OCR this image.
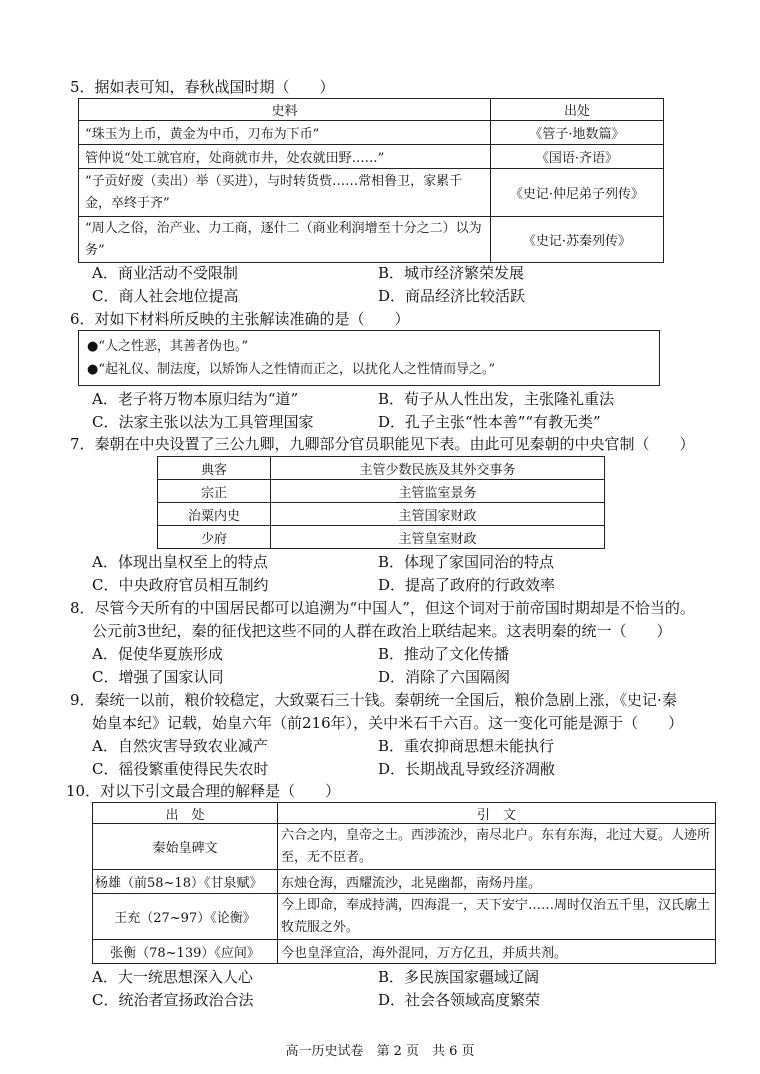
5．据如表可知，春秋战国时期（　　）
史料	出处
“珠玉为上币，黄金为中币，刀布为下币”	《管子·地数篇》
管仲说“处工就官府，处商就市井，处农就田野……”	《国语·齐语》
“子贡好废（卖出）举（买进），与时转货赀……常相鲁卫，家累千金，卒终于齐”	《史记·仲尼弟子列传》
“周人之俗，治产业、力工商，逐什二（商业利润增至十分之二）以为务”	《史记·苏秦列传》
A．商业活动不受限制	B．城市经济繁荣发展
C．商人社会地位提高	D．商品经济比较活跃
6．对如下材料所反映的主张解读准确的是（　　）
●“人之性恶，其善者伪也。”
●“起礼仪、制法度，以矫饰人之性情而正之，以扰化人之性情而导之。”
A．老子将万物本原归结为“道”	B．荀子从人性出发，主张隆礼重法
C．法家主张以法为工具管理国家	D．孔子主张“性本善”“有教无类”
7．秦朝在中央设置了三公九卿，九卿部分官员职能见下表。由此可见秦朝的中央官制（　　）
典客	主管少数民族及其外交事务
宗正	主管监室景务
治粟内史	主管国家财政
少府	主管皇室财政
A．体现出皇权至上的特点	B．体现了家国同治的特点
C．中央政府官员相互制约	D．提高了政府的行政效率
8．尽管今天所有的中国居民都可以追溯为“中国人”，但这个词对于前帝国时期却是不恰当的。
公元前3世纪，秦的征伐把这些不同的人群在政治上联结起来。这表明秦的统一（　　）
A．促使华夏族形成	B．推动了文化传播
C．增强了国家认同	D．消除了六国隔阂
9．秦统一以前，粮价较稳定，大致粟石三十钱。秦朝统一全国后，粮价急剧上涨，《史记·秦
始皇本纪》记载，始皇六年（前216年），关中米石千六百。这一变化可能是源于（　　）
A．自然灾害导致农业减产	B．重农抑商思想未能执行
C．徭役繁重使得民失农时	D．长期战乱导致经济凋敝
10．对以下引文最合理的解释是（　　）
出　处	引　文
秦始皇碑文	六合之内，皇帝之土。西涉流沙，南尽北户。东有东海，北过大夏。人迹所至，无不臣者。
杨雄（前58~18）《甘泉赋》	东烛仓海，西耀流沙，北晃幽都，南炀丹崖。
王充（27~97）《论衡》	今上即命，奉成持满，四海混一，天下安宁……周时仅治五千里，汉氏廓土牧荒服之外。
张衡（78~139）《应间》	今也皇泽宣洽，海外混同，万方亿丑，并质共剂。
A．大一统思想深入人心	B．多民族国家疆域辽阔
C．统治者宣扬政治合法	D．社会各领域高度繁荣
高一历史试卷　第 2 页　共 6 页
